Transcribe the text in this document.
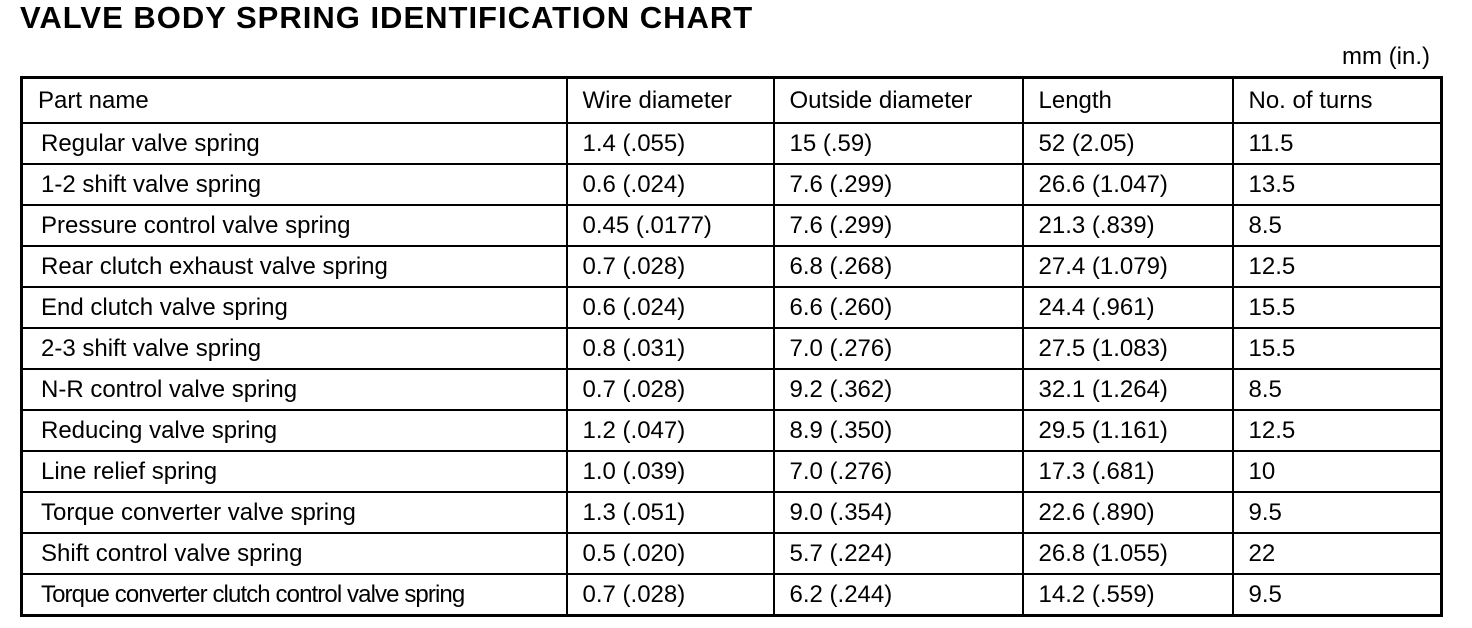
VALVE BODY SPRING IDENTIFICATION CHART
mm (in.)
Part name	Wire diameter	Outside diameter	Length	No. of turns
Regular valve spring	1.4 (.055)	15 (.59)	52 (2.05)	11.5
1-2 shift valve spring	0.6 (.024)	7.6 (.299)	26.6 (1.047)	13.5
Pressure control valve spring	0.45 (.0177)	7.6 (.299)	21.3 (.839)	8.5
Rear clutch exhaust valve spring	0.7 (.028)	6.8 (.268)	27.4 (1.079)	12.5
End clutch valve spring	0.6 (.024)	6.6 (.260)	24.4 (.961)	15.5
2-3 shift valve spring	0.8 (.031)	7.0 (.276)	27.5 (1.083)	15.5
N-R control valve spring	0.7 (.028)	9.2 (.362)	32.1 (1.264)	8.5
Reducing valve spring	1.2 (.047)	8.9 (.350)	29.5 (1.161)	12.5
Line relief spring	1.0 (.039)	7.0 (.276)	17.3 (.681)	10
Torque converter valve spring	1.3 (.051)	9.0 (.354)	22.6 (.890)	9.5
Shift control valve spring	0.5 (.020)	5.7 (.224)	26.8 (1.055)	22
Torque converter clutch control valve spring	0.7 (.028)	6.2 (.244)	14.2 (.559)	9.5
